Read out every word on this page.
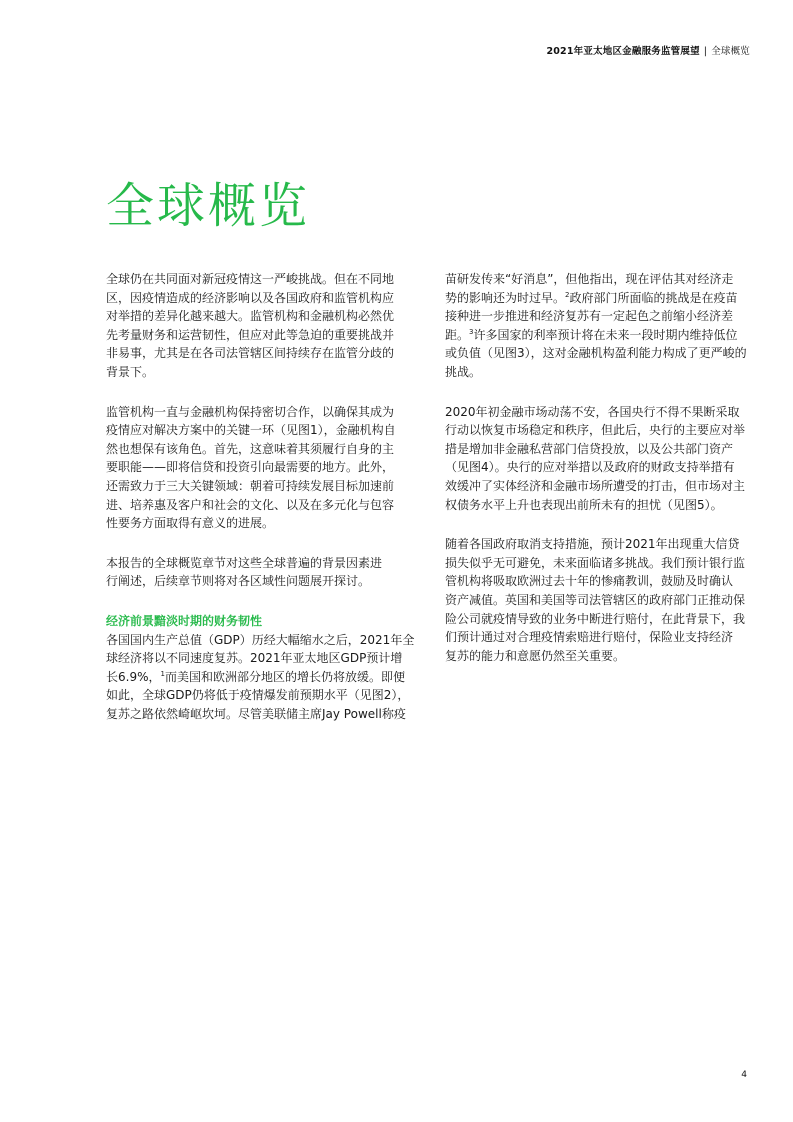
2021年亚太地区金融服务监管展望 | 全球概览
全球概览

全球仍在共同面对新冠疫情这一严峻挑战。但在不同地
区，因疫情造成的经济影响以及各国政府和监管机构应
对举措的差异化越来越大。监管机构和金融机构必然优
先考量财务和运营韧性，但应对此等急迫的重要挑战并
非易事，尤其是在各司法管辖区间持续存在监管分歧的
背景下。

监管机构一直与金融机构保持密切合作，以确保其成为
疫情应对解决方案中的关键一环（见图1），金融机构自
然也想保有该角色。首先，这意味着其须履行自身的主
要职能——即将信贷和投资引向最需要的地方。此外，
还需致力于三大关键领域：朝着可持续发展目标加速前
进、培养惠及客户和社会的文化、以及在多元化与包容
性要务方面取得有意义的进展。

本报告的全球概览章节对这些全球普遍的背景因素进
行阐述，后续章节则将对各区域性问题展开探讨。

经济前景黯淡时期的财务韧性

各国国内生产总值（GDP）历经大幅缩水之后，2021年全
球经济将以不同速度复苏。2021年亚太地区GDP预计增
长6.9%，$^1$而美国和欧洲部分地区的增长仍将放缓。即便
如此，全球GDP仍将低于疫情爆发前预期水平（见图2），
复苏之路依然崎岖坎坷。尽管美联储主席Jay Powell称疫

苗研发传来“好消息”，但他指出，现在评估其对经济走
势的影响还为时过早。$^2$政府部门所面临的挑战是在疫苗
接种进一步推进和经济复苏有一定起色之前缩小经济差
距。$^3$许多国家的利率预计将在未来一段时期内维持低位
或负值（见图3），这对金融机构盈利能力构成了更严峻的
挑战。

2020年初金融市场动荡不安，各国央行不得不果断采取
行动以恢复市场稳定和秩序，但此后，央行的主要应对举
措是增加非金融私营部门信贷投放，以及公共部门资产
（见图4）。央行的应对举措以及政府的财政支持举措有
效缓冲了实体经济和金融市场所遭受的打击，但市场对主
权债务水平上升也表现出前所未有的担忧（见图5）。

随着各国政府取消支持措施，预计2021年出现重大信贷
损失似乎无可避免，未来面临诸多挑战。我们预计银行监
管机构将吸取欧洲过去十年的惨痛教训，鼓励及时确认
资产减值。英国和美国等司法管辖区的政府部门正推动保
险公司就疫情导致的业务中断进行赔付，在此背景下，我
们预计通过对合理疫情索赔进行赔付，保险业支持经济
复苏的能力和意愿仍然至关重要。

4
